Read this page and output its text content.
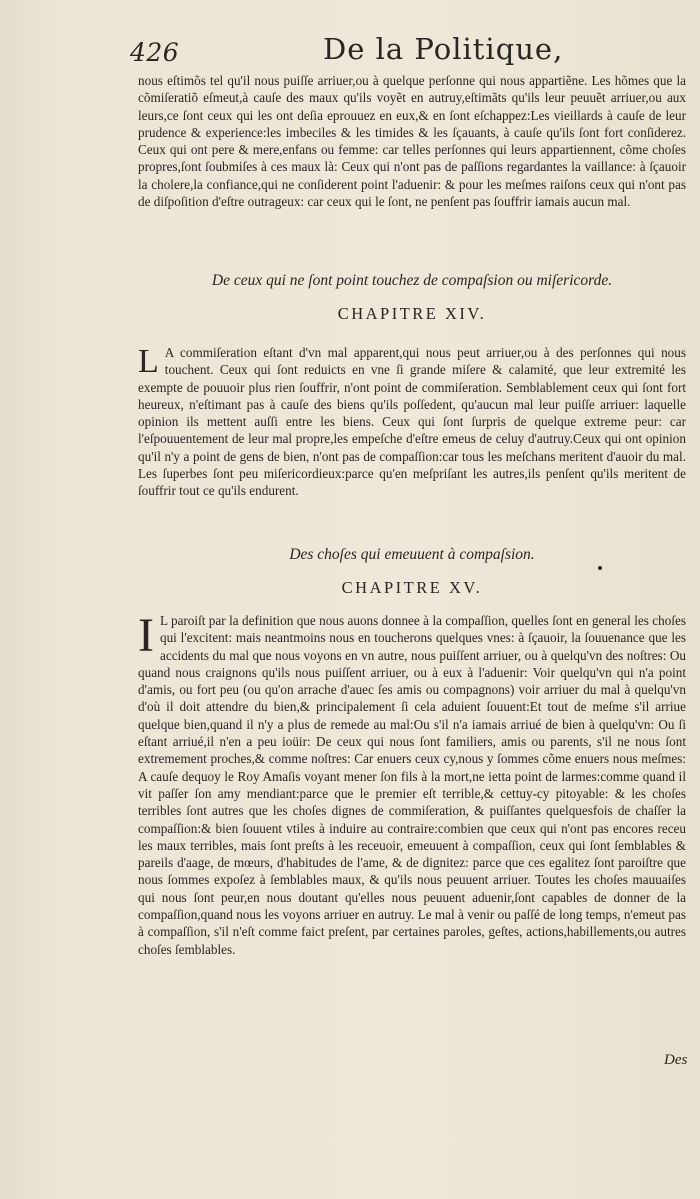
426	De la Politique,

nous eſtimõs tel qu'il nous puiſſe arriuer,ou à quelque perſonne qui nous appartiẽne. Les hõmes que la cõmiſeratiõ eſmeut,à cauſe des maux qu'ils voyẽt en autruy,eſtimãts qu'ils leur peuuẽt arriuer,ou aux leurs,ce ſont ceux qui les ont deſia eprouuez en eux,& en ſont eſchappez:Les vieillards à cauſe de leur prudence & experience:les imbeciles & les timides & les ſçauants, à cauſe qu'ils ſont fort conſiderez. Ceux qui ont pere & mere,enfans ou femme: car telles perſonnes qui leurs appartiennent, cõme choſes propres,ſont ſoubmiſes à ces maux là: Ceux qui n'ont pas de paſſions regardantes la vaillance: à ſçauoir la cholere,la confiance,qui ne conſiderent point l'aduenir: & pour les meſmes raiſons ceux qui n'ont pas de diſpoſition d'eſtre outrageux: car ceux qui le ſont, ne penſent pas ſouffrir iamais aucun mal.

De ceux qui ne ſont point touchez de compaſsion ou miſericorde.
CHAPITRE XIV.

L A commiſeration eſtant d'vn mal apparent,qui nous peut arriuer,ou à des perſonnes qui nous touchent. Ceux qui ſont reduicts en vne ſi grande miſere & calamité, que leur extremité les exempte de pouuoir plus rien ſouffrir, n'ont point de commiſeration. Semblablement ceux qui ſont fort heureux, n'eſtimant pas à cauſe des biens qu'ils poſſedent, qu'aucun mal leur puiſſe arriuer: laquelle opinion ils mettent auſſi entre les biens. Ceux qui ſont ſurpris de quelque extreme peur: car l'eſpouuentement de leur mal propre,les empeſche d'eſtre emeus de celuy d'autruy.Ceux qui ont opinion qu'il n'y a point de gens de bien, n'ont pas de compaſſion:car tous les meſchans meritent d'auoir du mal. Les ſuperbes ſont peu miſericordieux:parce qu'en meſpriſant les autres,ils penſent qu'ils meritent de ſouffrir tout ce qu'ils endurent.

Des choſes qui emeuuent à compaſsion.
CHAPITRE XV.

I L paroiſt par la definition que nous auons donnee à la compaſſion, quelles ſont en general les choſes qui l'excitent: mais neantmoins nous en toucherons quelques vnes: à ſçauoir, la ſouuenance que les accidents du mal que nous voyons en vn autre, nous puiſſent arriuer, ou à quelqu'vn des noſtres: Ou quand nous craignons qu'ils nous puiſſent arriuer, ou à eux à l'aduenir: Voir quelqu'vn qui n'a point d'amis, ou fort peu (ou qu'on arrache d'auec ſes amis ou compagnons) voir arriuer du mal à quelqu'vn d'où il doit attendre du bien,& principalement ſi cela aduient ſouuent:Et tout de meſme s'il arriue quelque bien,quand il n'y a plus de remede au mal:Ou s'il n'a iamais arriué de bien à quelqu'vn: Ou ſi eſtant arriué,il n'en a peu ioüir: De ceux qui nous ſont familiers, amis ou parents, s'il ne nous ſont extremement proches,& comme noſtres: Car enuers ceux cy,nous y ſommes cõme enuers nous meſmes: A cauſe dequoy le Roy Amaſis voyant mener ſon fils à la mort,ne ietta point de larmes:comme quand il vit paſſer ſon amy mendiant:parce que le premier eſt terrible,& cettuy-cy pitoyable: & les choſes terribles ſont autres que les choſes dignes de commiſeration, & puiſſantes quelquesfois de chaſſer la compaſſion:& bien ſouuent vtiles à induire au contraire:combien que ceux qui n'ont pas encores receu les maux terribles, mais ſont preſts à les receuoir, emeuuent à compaſſion, ceux qui ſont ſemblables & pareils d'aage, de mœurs, d'habitudes de l'ame, & de dignitez: parce que ces egalitez ſont paroiſtre que nous ſommes expoſez à ſemblables maux, & qu'ils nous peuuent arriuer. Toutes les choſes mauuaiſes qui nous ſont peur,en nous doutant qu'elles nous peuuent aduenir,ſont capables de donner de la compaſſion,quand nous les voyons arriuer en autruy. Le mal à venir ou paſſé de long temps, n'emeut pas à compaſſion, s'il n'eſt comme faict preſent, par certaines paroles, geſtes, actions,habillements,ou autres choſes ſemblables.

Des
